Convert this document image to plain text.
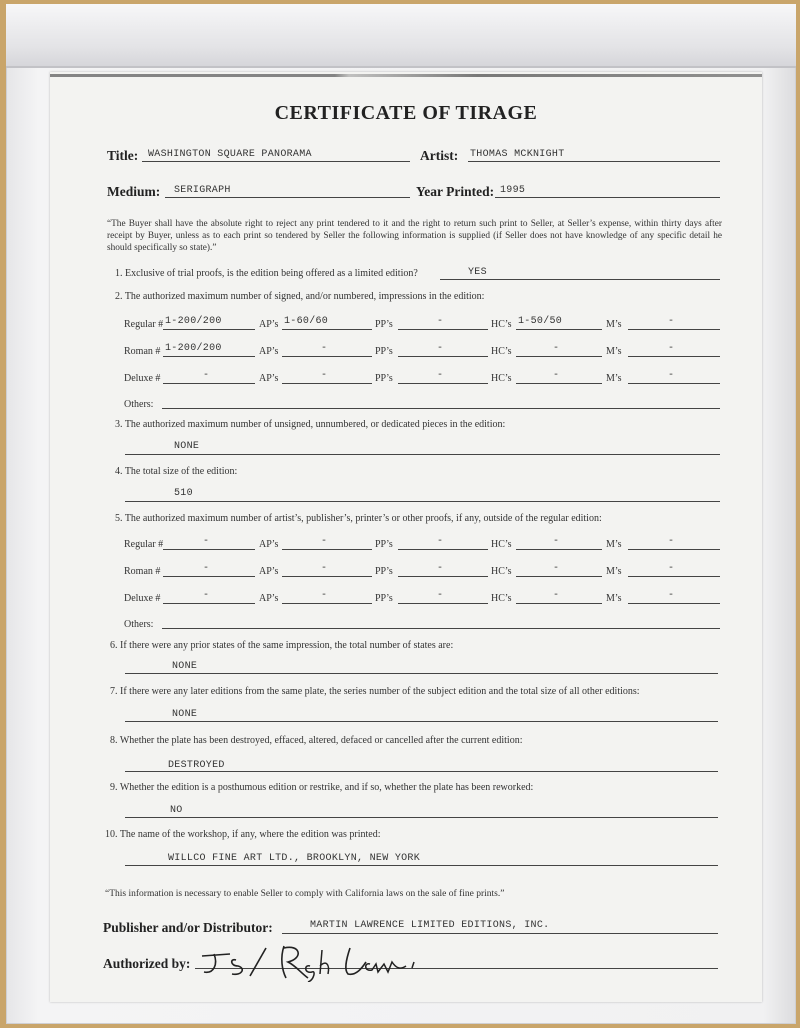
CERTIFICATE OF TIRAGE
Title: WASHINGTON SQUARE PANORAMA	Artist: THOMAS MCKNIGHT
Medium: SERIGRAPH	Year Printed: 1995
“The Buyer shall have the absolute right to reject any print tendered to it and the right to return such print to Seller, at Seller’s expense, within thirty days after receipt by Buyer, unless as to each print so tendered by Seller the following information is supplied (if Seller does not have knowledge of any specific detail he should specifically so state).”
1. Exclusive of trial proofs, is the edition being offered as a limited edition?	YES
2. The authorized maximum number of signed, and/or numbered, impressions in the edition:
Others:
3. The authorized maximum number of unsigned, unnumbered, or dedicated pieces in the edition:
NONE
4. The total size of the edition:
510
5. The authorized maximum number of artist’s, publisher’s, printer’s or other proofs, if any, outside of the regular edition:
Others:
6. If there were any prior states of the same impression, the total number of states are:
NONE
7. If there were any later editions from the same plate, the series number of the subject edition and the total size of all other editions:
NONE
8. Whether the plate has been destroyed, effaced, altered, defaced or cancelled after the current edition:
DESTROYED
9. Whether the edition is a posthumous edition or restrike, and if so, whether the plate has been reworked:
NO
10. The name of the workshop, if any, where the edition was printed:
WILLCO FINE ART LTD., BROOKLYN, NEW YORK
“This information is necessary to enable Seller to comply with California laws on the sale of fine prints.”
Publisher and/or Distributor:	MARTIN LAWRENCE LIMITED EDITIONS, INC.
Authorized by:
Regular # 1-200/200	AP’s 1-60/60	PP’s	-	HC’s 1-50/50	M’s	-
Roman # 1-200/200	AP’s	-	PP’s	-	HC’s	-	M’s	-
Deluxe #	-	AP’s	-	PP’s	-	HC’s	-	M’s	-
Regular #	-	AP’s	-	PP’s	-	HC’s	-	M’s	-
Roman #	-	AP’s	-	PP’s	-	HC’s	-	M’s	-
Deluxe #	-	AP’s	-	PP’s	-	HC’s	-	M’s	-
